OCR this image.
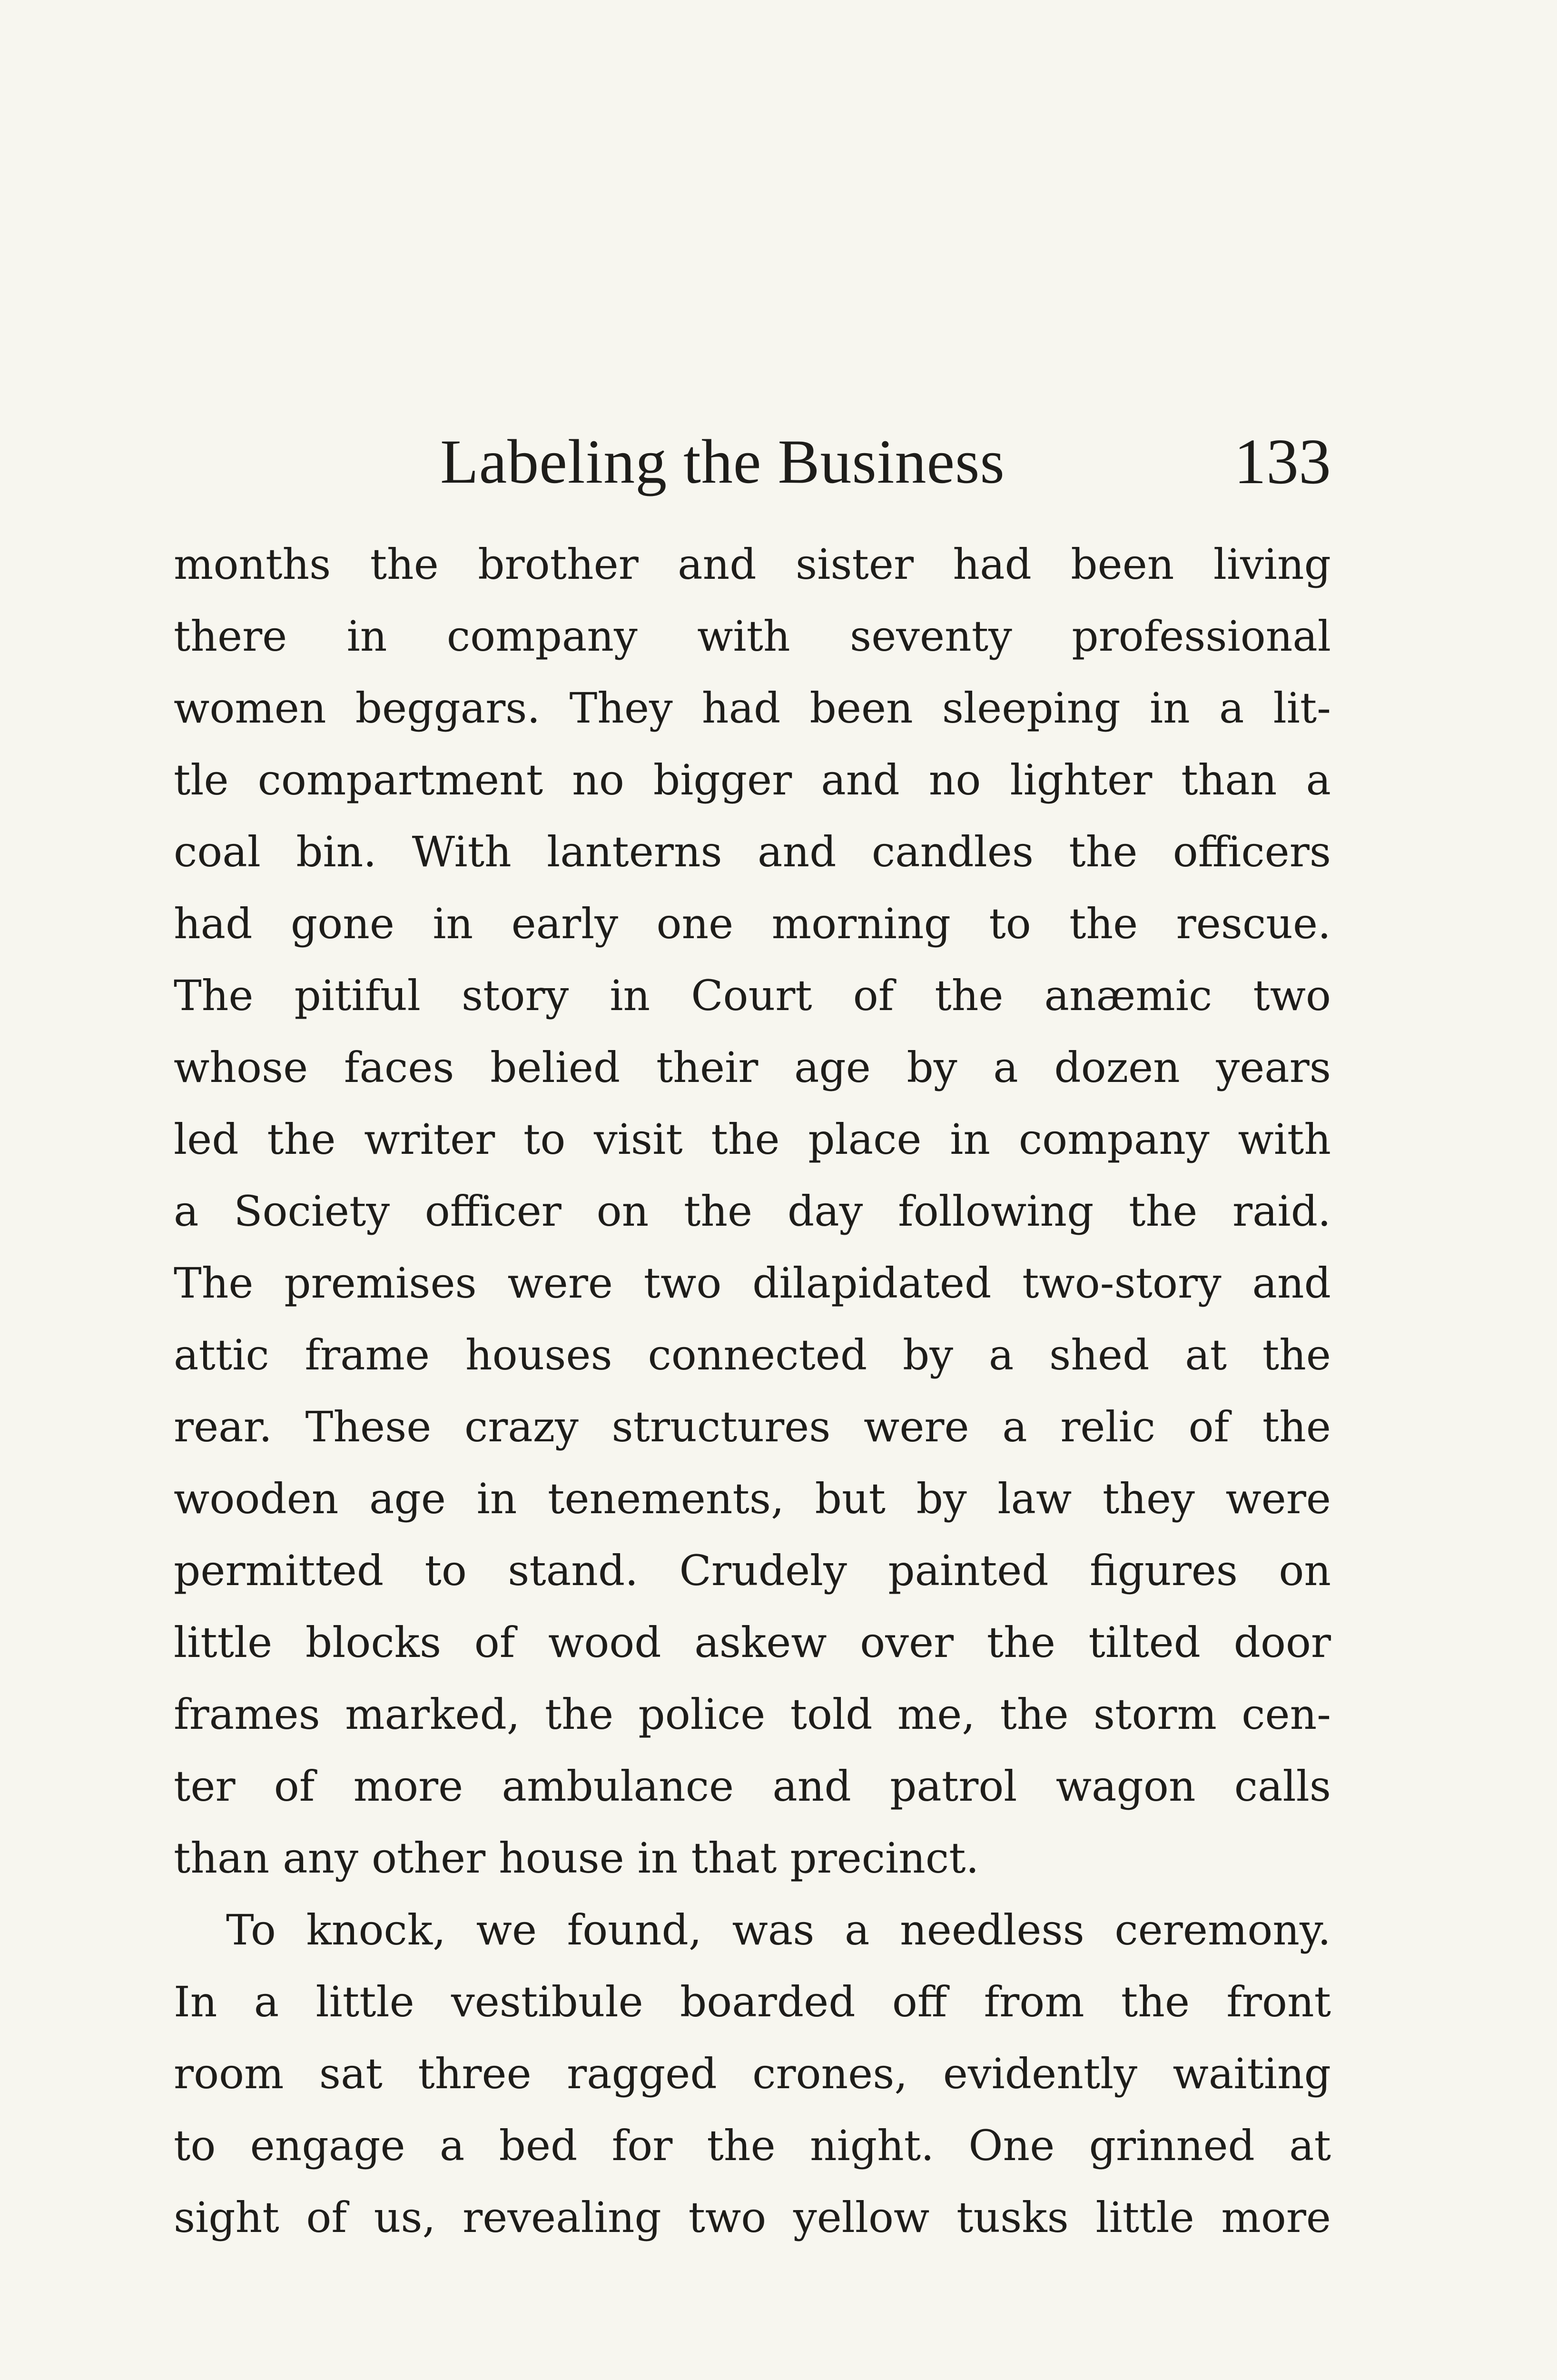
Labeling the Business	133
months the brother and sister had been living
there in company with seventy professional
women beggars. They had been sleeping in a lit-
tle compartment no bigger and no lighter than a
coal bin. With lanterns and candles the officers
had gone in early one morning to the rescue.
The pitiful story in Court of the anæmic two
whose faces belied their age by a dozen years
led the writer to visit the place in company with
a Society officer on the day following the raid.
The premises were two dilapidated two-story and
attic frame houses connected by a shed at the
rear. These crazy structures were a relic of the
wooden age in tenements, but by law they were
permitted to stand. Crudely painted figures on
little blocks of wood askew over the tilted door
frames marked, the police told me, the storm cen-
ter of more ambulance and patrol wagon calls
than any other house in that precinct.
To knock, we found, was a needless ceremony.
In a little vestibule boarded off from the front
room sat three ragged crones, evidently waiting
to engage a bed for the night. One grinned at
sight of us, revealing two yellow tusks little more
